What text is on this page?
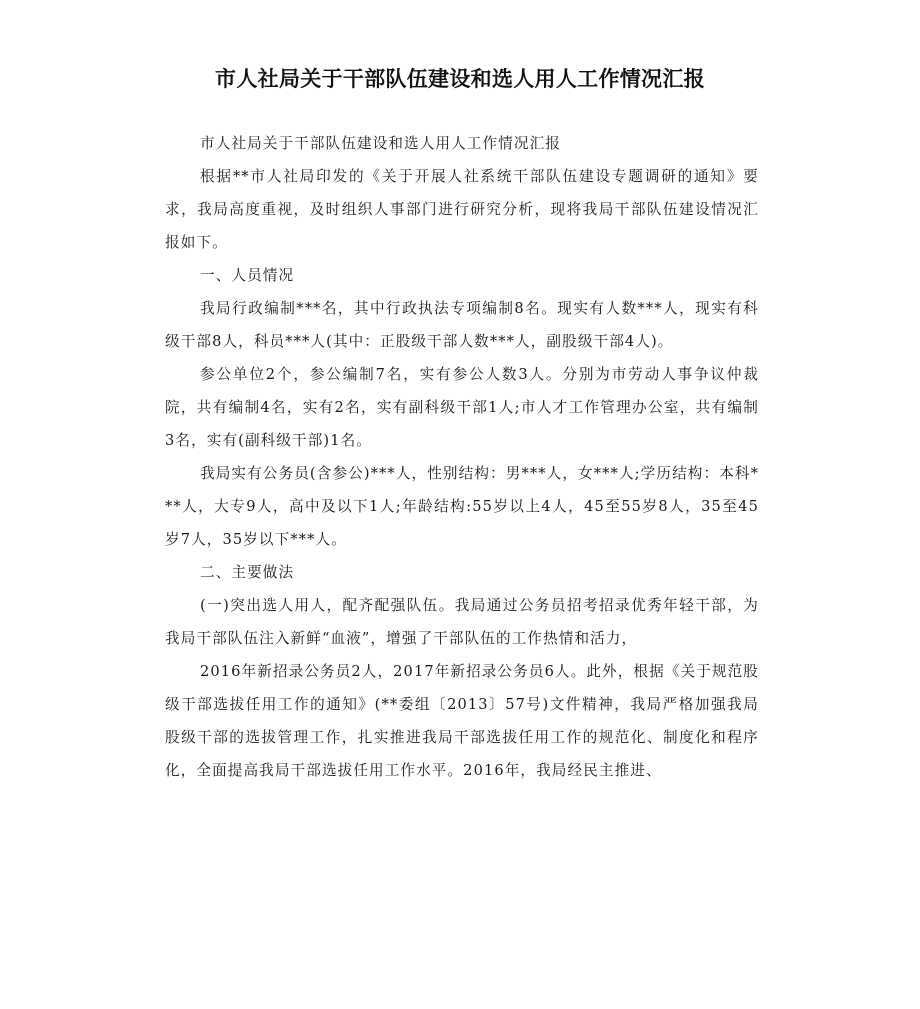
市人社局关于干部队伍建设和选人用人工作情况汇报

市人社局关于干部队伍建设和选人用人工作情况汇报

根据**市人社局印发的《关于开展人社系统干部队伍建设专题调研的通知》要求，我局高度重视，及时组织人事部门进行研究分析，现将我局干部队伍建设情况汇报如下。

一、人员情况

我局行政编制***名，其中行政执法专项编制8名。现实有人数***人，现实有科级干部8人，科员***人(其中：正股级干部人数***人，副股级干部4人)。

参公单位2个，参公编制7名，实有参公人数3人。分别为市劳动人事争议仲裁院，共有编制4名，实有2名，实有副科级干部1人;市人才工作管理办公室，共有编制3名，实有(副科级干部)1名。

我局实有公务员(含参公)***人，性别结构：男***人，女***人;学历结构：本科***人，大专9人，高中及以下1人;年龄结构:55岁以上4人，45至55岁8人，35至45岁7人，35岁以下***人。

二、主要做法

(一)突出选人用人，配齐配强队伍。我局通过公务员招考招录优秀年轻干部，为我局干部队伍注入新鲜“血液”，增强了干部队伍的工作热情和活力，

2016年新招录公务员2人，2017年新招录公务员6人。此外，根据《关于规范股级干部选拔任用工作的通知》(**委组〔2013〕57号)文件精神，我局严格加强我局股级干部的选拔管理工作，扎实推进我局干部选拔任用工作的规范化、制度化和程序化，全面提高我局干部选拔任用工作水平。2016年，我局经民主推进、
